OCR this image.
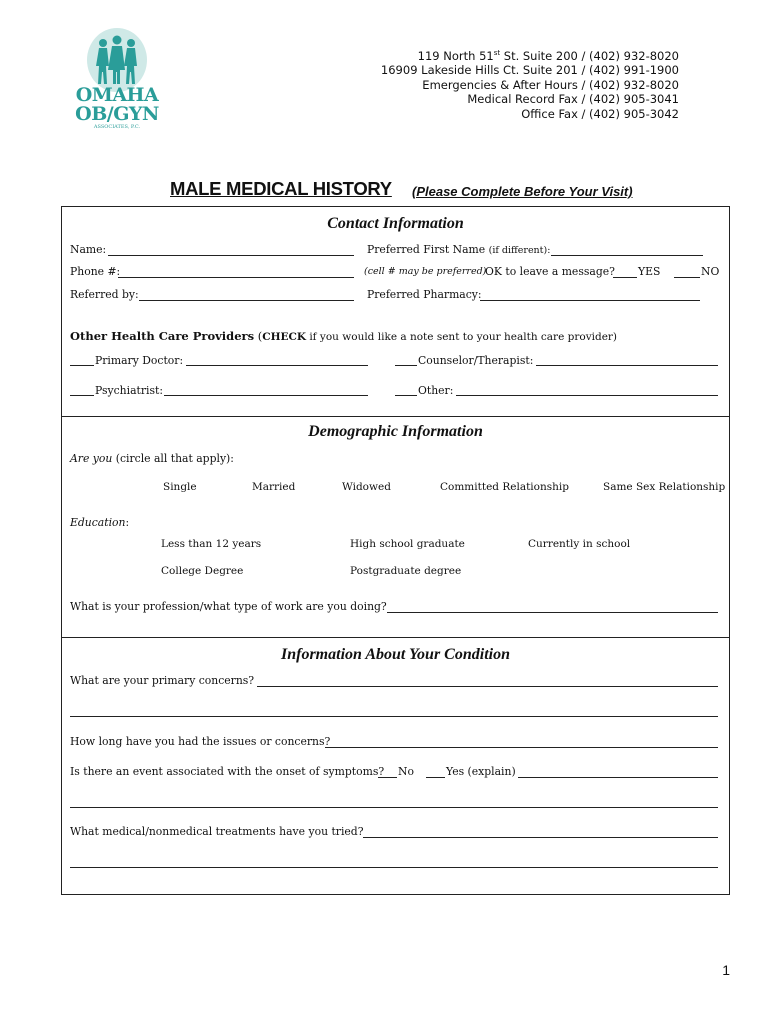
OMAHA
OB/GYN
ASSOCIATES, P.C.
119 North 51st St. Suite 200 / (402) 932-8020
16909 Lakeside Hills Ct. Suite 201 / (402) 991-1900
Emergencies & After Hours / (402) 932-8020
Medical Record Fax / (402) 905-3041
Office Fax / (402) 905-3042
MALE MEDICAL HISTORY (Please Complete Before Your Visit)
Contact Information
Name:	Preferred First Name (if different):
Phone #:	(cell # may be preferred)
OK to leave a message? YES	NO
Referred by:	Preferred Pharmacy:
Other Health Care Providers (CHECK if you would like a note sent to your health care provider)
Primary Doctor:	Counselor/Therapist:
Psychiatrist:	Other:
Demographic Information
Are you (circle all that apply):
Single	Married	Widowed	Committed Relationship	Same Sex Relationship
Education:
Less than 12 years	High school graduate	Currently in school
College Degree	Postgraduate degree
What is your profession/what type of work are you doing?
Information About Your Condition
What are your primary concerns?
How long have you had the issues or concerns?
Is there an event associated with the onset of symptoms? No	Yes (explain)
What medical/nonmedical treatments have you tried?
1
